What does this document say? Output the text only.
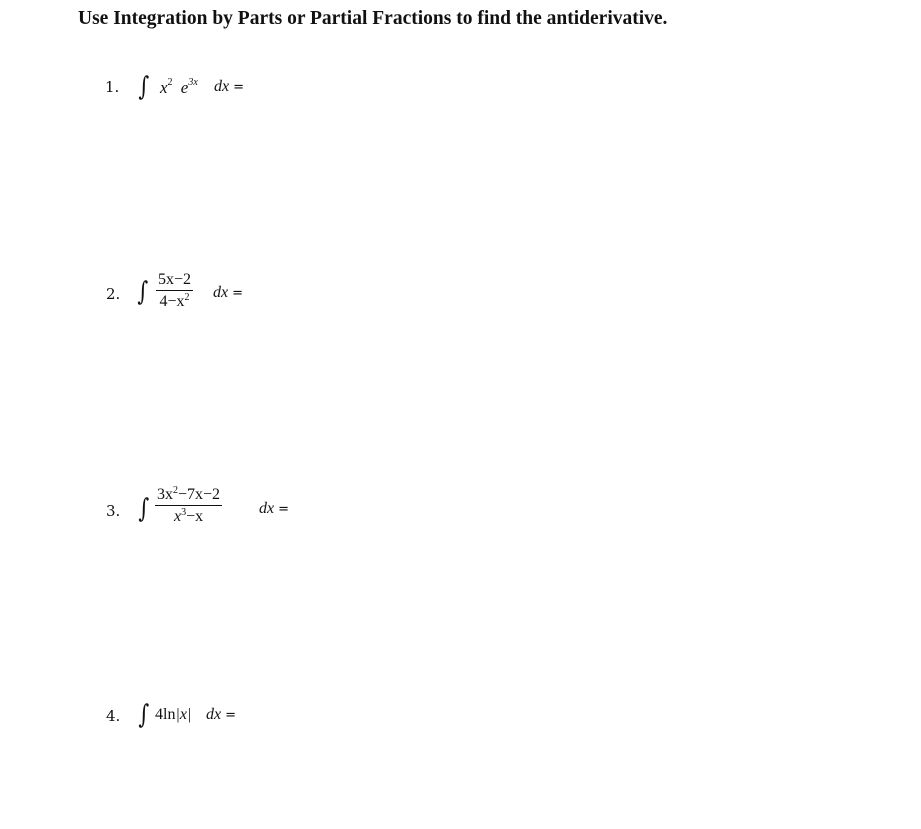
Use Integration by Parts or Partial Fractions to find the antiderivative.
1. ∫ $x^2$ $e^{3x}$ dx =
2. ∫ 5x−2
$4-x^2$ dx =
3. ∫ $3x^2-7x-2$
$x^3-x$	dx =
4. ∫ 4ln|x| dx =
